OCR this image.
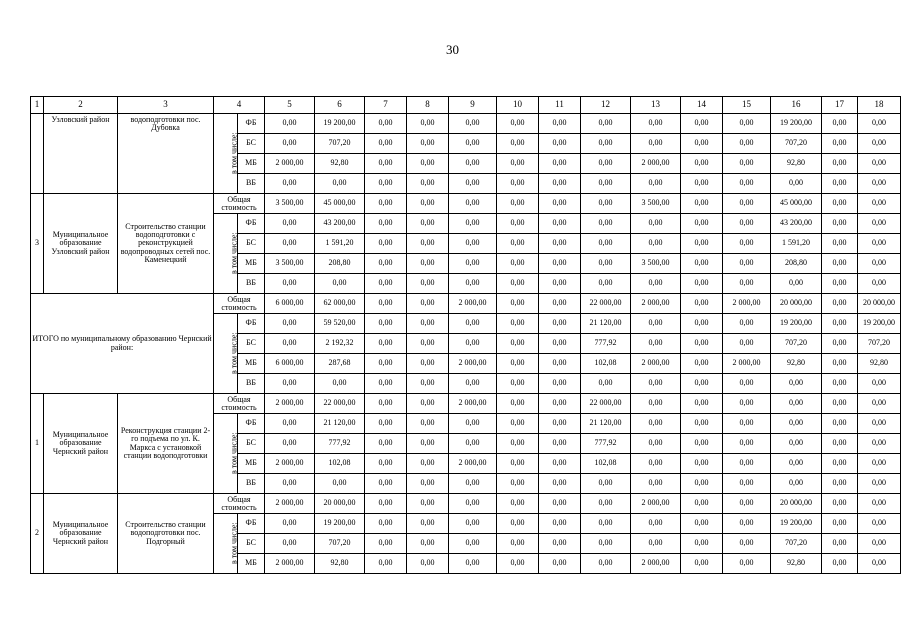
30
1	2	3	4		5	6	7	8	9	10	11	12	13	14	15	16	17	18
	Узловский район	водоподготовки пос. Дубовка	в том числе:	ФБ	0,00	19 200,00	0,00	0,00	0,00	0,00	0,00	0,00	0,00	0,00	0,00	19 200,00	0,00	0,00
				БС	0,00	707,20	0,00	0,00	0,00	0,00	0,00	0,00	0,00	0,00	0,00	707,20	0,00	0,00
				МБ	2 000,00	92,80	0,00	0,00	0,00	0,00	0,00	0,00	2 000,00	0,00	0,00	92,80	0,00	0,00
				ВБ	0,00	0,00	0,00	0,00	0,00	0,00	0,00	0,00	0,00	0,00	0,00	0,00	0,00	0,00
3	Муниципальное образование Узловский район	Строительство станции водоподготовки с реконструкцией водопроводных сетей пос. Каменецкий	Общая стоимость		3 500,00	45 000,00	0,00	0,00	0,00	0,00	0,00	0,00	3 500,00	0,00	0,00	45 000,00	0,00	0,00
			в том числе:	ФБ	0,00	43 200,00	0,00	0,00	0,00	0,00	0,00	0,00	0,00	0,00	0,00	43 200,00	0,00	0,00
				БС	0,00	1 591,20	0,00	0,00	0,00	0,00	0,00	0,00	0,00	0,00	0,00	1 591,20	0,00	0,00
				МБ	3 500,00	208,80	0,00	0,00	0,00	0,00	0,00	0,00	3 500,00	0,00	0,00	208,80	0,00	0,00
				ВБ	0,00	0,00	0,00	0,00	0,00	0,00	0,00	0,00	0,00	0,00	0,00	0,00	0,00	0,00
ИТОГО по муниципальному образованию Чернский район:			Общая стоимость		6 000,00	62 000,00	0,00	0,00	2 000,00	0,00	0,00	22 000,00	2 000,00	0,00	2 000,00	20 000,00	0,00	20 000,00
			в том числе:	ФБ	0,00	59 520,00	0,00	0,00	0,00	0,00	0,00	21 120,00	0,00	0,00	0,00	19 200,00	0,00	19 200,00
				БС	0,00	2 192,32	0,00	0,00	0,00	0,00	0,00	777,92	0,00	0,00	0,00	707,20	0,00	707,20
				МБ	6 000,00	287,68	0,00	0,00	2 000,00	0,00	0,00	102,08	2 000,00	0,00	2 000,00	92,80	0,00	92,80
				ВБ	0,00	0,00	0,00	0,00	0,00	0,00	0,00	0,00	0,00	0,00	0,00	0,00	0,00	0,00
1	Муниципальное образование Чернский район	Реконструкция станции 2-го подъема по ул. К. Маркса с установкой станции водоподготовки	Общая стоимость		2 000,00	22 000,00	0,00	0,00	2 000,00	0,00	0,00	22 000,00	0,00	0,00	0,00	0,00	0,00	0,00
			в том числе:	ФБ	0,00	21 120,00	0,00	0,00	0,00	0,00	0,00	21 120,00	0,00	0,00	0,00	0,00	0,00	0,00
				БС	0,00	777,92	0,00	0,00	0,00	0,00	0,00	777,92	0,00	0,00	0,00	0,00	0,00	0,00
				МБ	2 000,00	102,08	0,00	0,00	2 000,00	0,00	0,00	102,08	0,00	0,00	0,00	0,00	0,00	0,00
				ВБ	0,00	0,00	0,00	0,00	0,00	0,00	0,00	0,00	0,00	0,00	0,00	0,00	0,00	0,00
2	Муниципальное образование Чернский район	Строительство станции водоподготовки пос. Подгорный	Общая стоимость		2 000,00	20 000,00	0,00	0,00	0,00	0,00	0,00	0,00	2 000,00	0,00	0,00	20 000,00	0,00	0,00
			в том числе:	ФБ	0,00	19 200,00	0,00	0,00	0,00	0,00	0,00	0,00	0,00	0,00	0,00	19 200,00	0,00	0,00
				БС	0,00	707,20	0,00	0,00	0,00	0,00	0,00	0,00	0,00	0,00	0,00	707,20	0,00	0,00
				МБ	2 000,00	92,80	0,00	0,00	0,00	0,00	0,00	0,00	2 000,00	0,00	0,00	92,80	0,00	0,00
